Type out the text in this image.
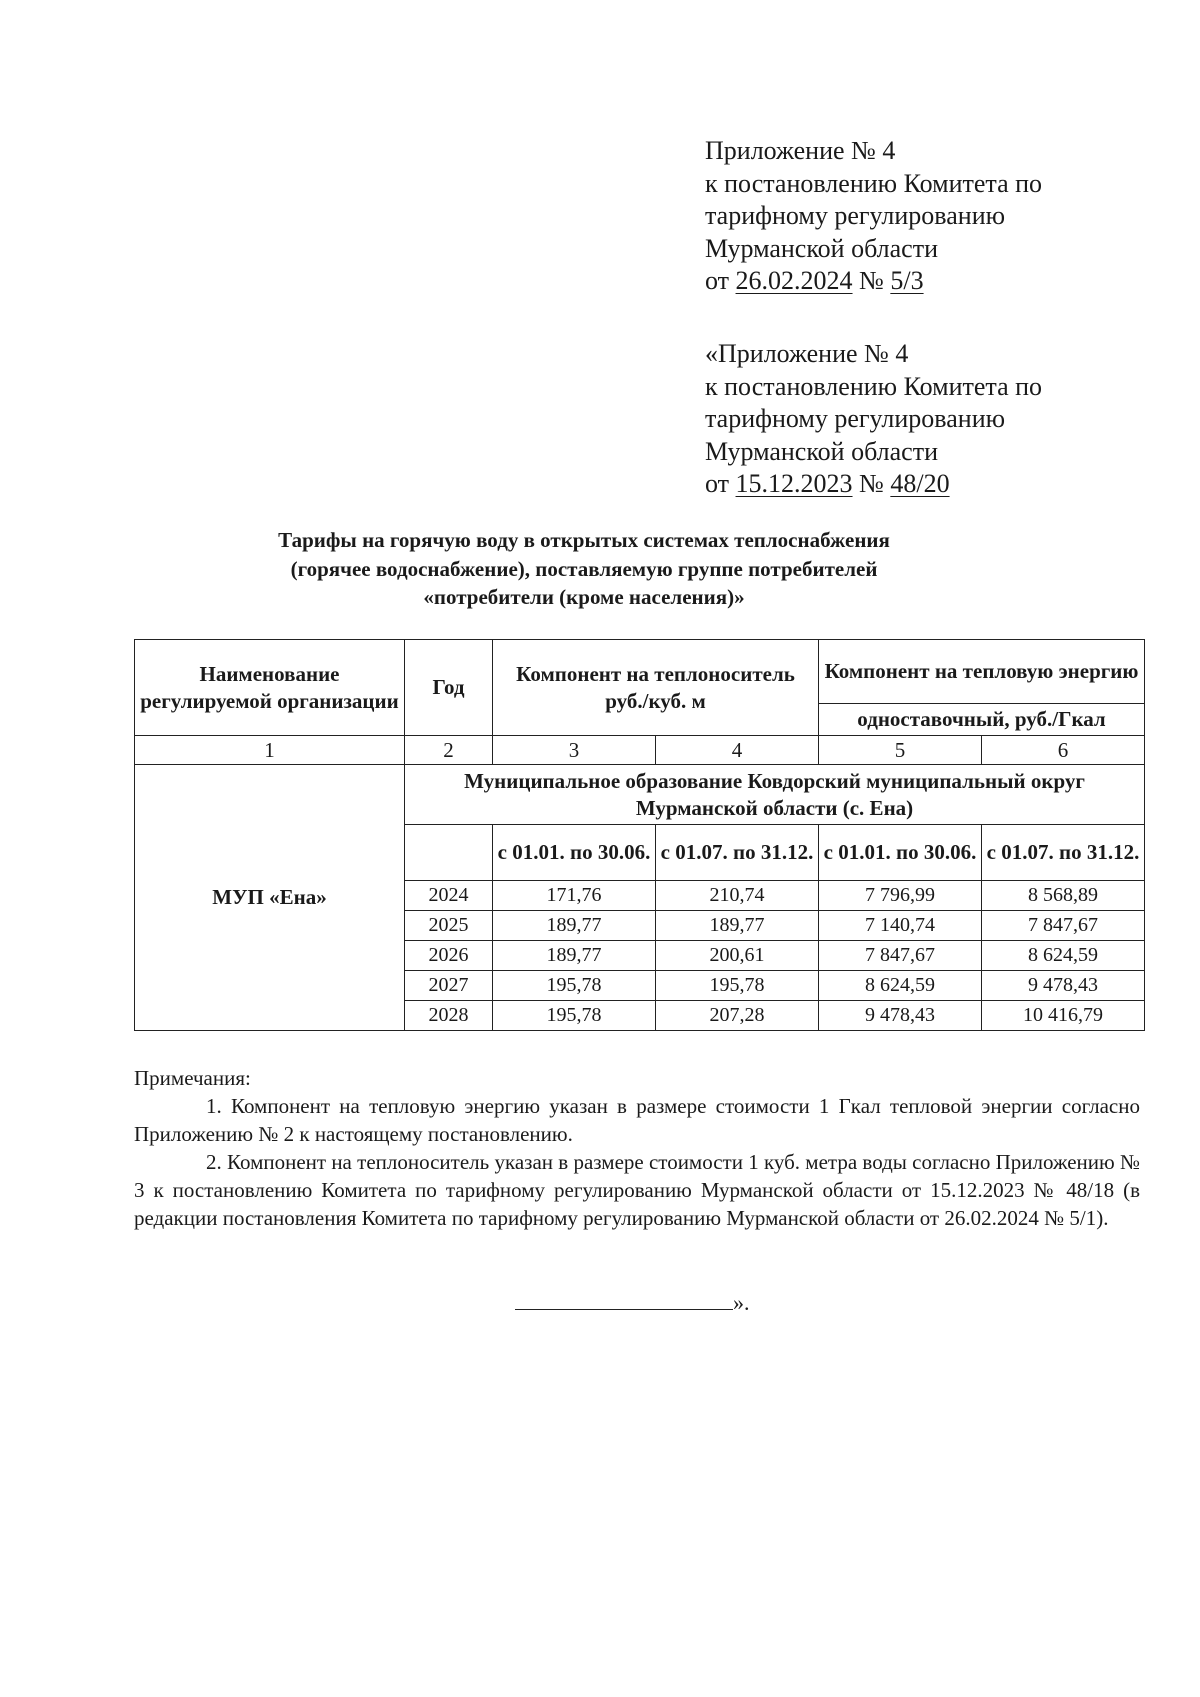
Приложение № 4
к постановлению Комитета по
тарифному регулированию
Мурманской области
от 26.02.2024 № 5/3
«Приложение № 4
к постановлению Комитета по
тарифному регулированию
Мурманской области
от 15.12.2023 № 48/20
Тарифы на горячую воду в открытых системах теплоснабжения
(горячее водоснабжение), поставляемую группе потребителей
«потребители (кроме населения)»
Наименование регулируемой организации	Год	Компонент на теплоноситель руб./куб. м		Компонент на тепловую энергию	
				одноставочный, руб./Гкал	
1	2	3	4	5	6
МУП «Ена»	Муниципальное образование Ковдорский муниципальный округ Мурманской области (с. Ена)				
		с 01.01. по 30.06.	с 01.07. по 31.12.	с 01.01. по 30.06.	с 01.07. по 31.12.
	2024	171,76	210,74	7 796,99	8 568,89
	2025	189,77	189,77	7 140,74	7 847,67
	2026	189,77	200,61	7 847,67	8 624,59
	2027	195,78	195,78	8 624,59	9 478,43
	2028	195,78	207,28	9 478,43	10 416,79
Примечания:

1. Компонент на тепловую энергию указан в размере стоимости 1 Гкал тепловой энергии согласно Приложению № 2 к настоящему постановлению.

2. Компонент на теплоноситель указан в размере стоимости 1 куб. метра воды согласно Приложению № 3 к постановлению Комитета по тарифному регулированию Мурманской области от 15.12.2023 № 48/18 (в редакции постановления Комитета по тарифному регулированию Мурманской области от 26.02.2024 № 5/1).

».
